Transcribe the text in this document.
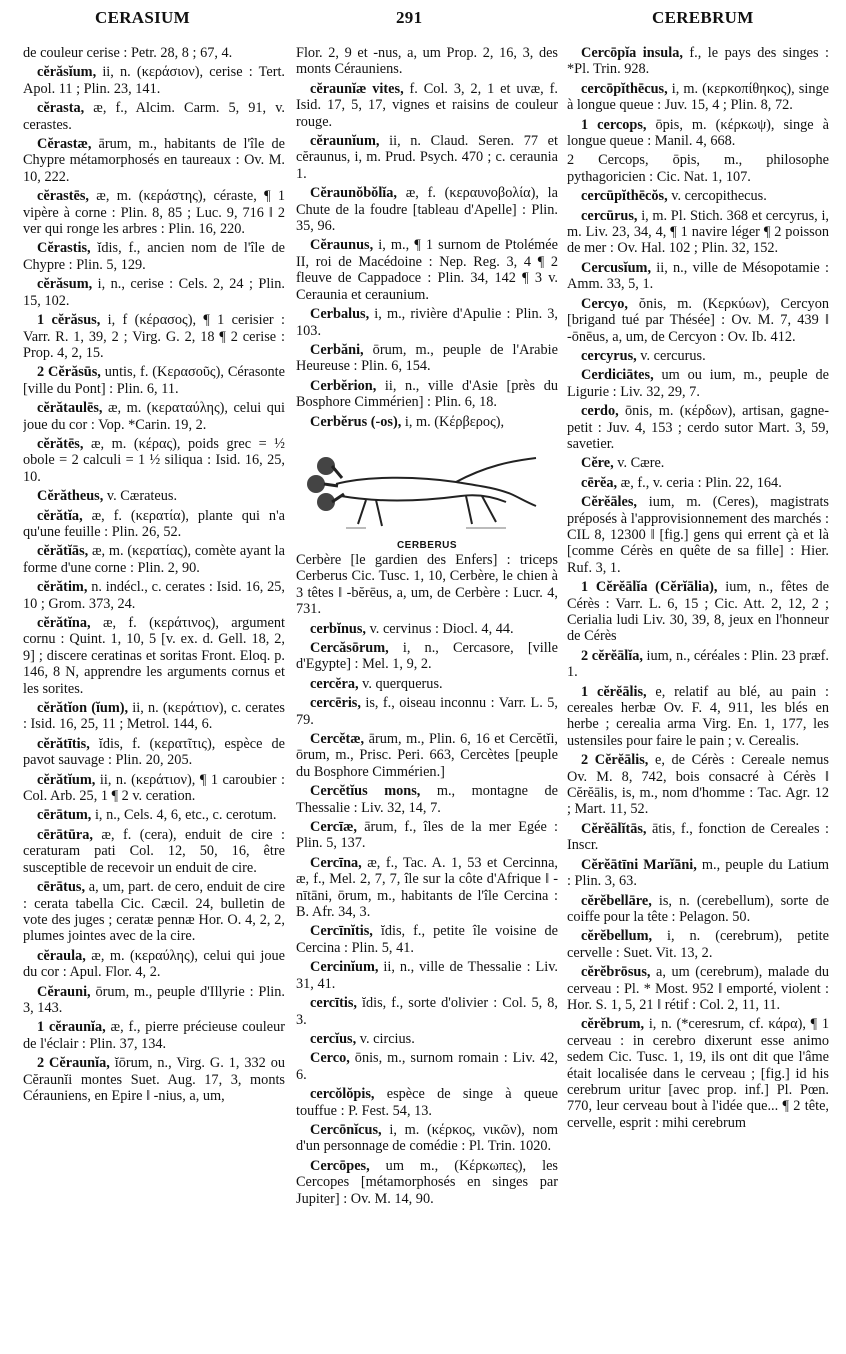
CERASIUM	291	CEREBRUM

de couleur cerise : Petr. 28, 8 ; 67, 4.

cĕrăsĭum, ii, n. (κεράσιον), cerise : Tert. Apol. 11 ; Plin. 23, 141.

cĕrasta, æ, f., Alcim. Carm. 5, 91, v. cerastes.

Cĕrastæ, ārum, m., habitants de l'île de Chypre métamorphosés en taureaux : Ov. M. 10, 222.

cĕrastēs, æ, m. (κεράστης), céraste, ¶ 1 vipère à corne : Plin. 8, 85 ; Luc. 9, 716 ‖ 2 ver qui ronge les arbres : Plin. 16, 220.

Cĕrastis, ĭdis, f., ancien nom de l'île de Chypre : Plin. 5, 129.

cĕrăsum, i, n., cerise : Cels. 2, 24 ; Plin. 15, 102.

1 cĕrăsus, i, f (κέρασος), ¶ 1 cerisier : Varr. R. 1, 39, 2 ; Virg. G. 2, 18 ¶ 2 cerise : Prop. 4, 2, 15.

2 Cĕrăsūs, untis, f. (Κερασοῦς), Cérasonte [ville du Pont] : Plin. 6, 11.

cĕrătaulēs, æ, m. (κεραταύλης), celui qui joue du cor : Vop. *Carin. 19, 2.

cĕrătēs, æ, m. (κέρας), poids grec = ½ obole = 2 calculi = 1 ½ siliqua : Isid. 16, 25, 10.

Cĕrătheus, v. Cærateus.

cĕrătĭa, æ, f. (κερατία), plante qui n'a qu'une feuille : Plin. 26, 52.

cĕrătĭās, æ, m. (κερατίας), comète ayant la forme d'une corne : Plin. 2, 90.

cĕrătim, n. indécl., c. cerates : Isid. 16, 25, 10 ; Grom. 373, 24.

cĕrătĭna, æ, f. (κεράτινος), argument cornu : Quint. 1, 10, 5 [v. ex. d. Gell. 18, 2, 9] ; discere ceratinas et soritas Front. Eloq. p. 146, 8 N, apprendre les arguments cornus et les sorites.

cĕrătĭon (ĭum), ii, n. (κεράτιον), c. cerates : Isid. 16, 25, 11 ; Metrol. 144, 6.

cĕrătītis, ĭdis, f. (κερατῖτις), espèce de pavot sauvage : Plin. 20, 205.

cĕrătĭum, ii, n. (κεράτιον), ¶ 1 caroubier : Col. Arb. 25, 1 ¶ 2 v. ceration.

cērātum, i, n., Cels. 4, 6, etc., c. cerotum.

cērātūra, æ, f. (cera), enduit de cire : ceraturam pati Col. 12, 50, 16, être susceptible de recevoir un enduit de cire.

cērātus, a, um, part. de cero, enduit de cire : cerata tabella Cic. Cæcil. 24, bulletin de vote des juges ; ceratæ pennæ Hor. O. 4, 2, 2, plumes jointes avec de la cire.

cĕraula, æ, m. (κεραύλης), celui qui joue du cor : Apul. Flor. 4, 2.

Cĕrauni, ōrum, m., peuple d'Illyrie : Plin. 3, 143.

1 cĕraunĭa, æ, f., pierre précieuse couleur de l'éclair : Plin. 37, 134.

2 Cĕraunĭa, ĭōrum, n., Virg. G. 1, 332 ou Cĕraunĭi montes Suet. Aug. 17, 3, monts Cérauniens, en Epire ‖ -nius, a, um,

Flor. 2, 9 et -nus, a, um Prop. 2, 16, 3, des monts Cérauniens.

cĕraunĭæ vites, f. Col. 3, 2, 1 et uvæ, f. Isid. 17, 5, 17, vignes et raisins de couleur rouge.

cĕraunĭum, ii, n. Claud. Seren. 77 et cĕraunus, i, m. Prud. Psych. 470 ; c. ceraunia 1.

Cĕraunŏbŏlĭa, æ, f. (κεραυνοβολία), la Chute de la foudre [tableau d'Apelle] : Plin. 35, 96.

Cĕraunus, i, m., ¶ 1 surnom de Ptolémée II, roi de Macédoine : Nep. Reg. 3, 4 ¶ 2 fleuve de Cappadoce : Plin. 34, 142 ¶ 3 v. Ceraunia et ceraunium.

Cerbalus, i, m., rivière d'Apulie : Plin. 3, 103.

Cerbăni, ōrum, m., peuple de l'Arabie Heureuse : Plin. 6, 154.

Cerbĕrion, ii, n., ville d'Asie [près du Bosphore Cimmérien] : Plin. 6, 18.

Cerbĕrus (-os), i, m. (Κέρβερος),

CERBERUS

Cerbère [le gardien des Enfers] : triceps Cerberus Cic. Tusc. 1, 10, Cerbère, le chien à 3 têtes ‖ -bĕrēus, a, um, de Cerbère : Lucr. 4, 731.

cerbĭnus, v. cervinus : Diocl. 4, 44.

Cercăsōrum, i, n., Cercasore, [ville d'Egypte] : Mel. 1, 9, 2.

cercĕra, v. querquerus.

cercēris, is, f., oiseau inconnu : Varr. L. 5, 79.

Cercĕtæ, ārum, m., Plin. 6, 16 et Cercĕtĭi, ōrum, m., Prisc. Peri. 663, Cercètes [peuple du Bosphore Cimmérien.]

Cercĕtĭus mons, m., montagne de Thessalie : Liv. 32, 14, 7.

Cercīæ, ārum, f., îles de la mer Egée : Plin. 5, 137.

Cercīna, æ, f., Tac. A. 1, 53 et Cercinna, æ, f., Mel. 2, 7, 7, île sur la côte d'Afrique ‖ -nītāni, ōrum, m., habitants de l'île Cercina : B. Afr. 34, 3.

Cercīnĭtis, ĭdis, f., petite île voisine de Cercina : Plin. 5, 41.

Cercinĭum, ii, n., ville de Thessalie : Liv. 31, 41.

cercītis, ĭdis, f., sorte d'olivier : Col. 5, 8, 3.

cercĭus, v. circius.

Cerco, ōnis, m., surnom romain : Liv. 42, 6.

cercŏlŏpis, espèce de singe à queue touffue : P. Fest. 54, 13.

Cercōnĭcus, i, m. (κέρκος, νικῶν), nom d'un personnage de comédie : Pl. Trin. 1020.

Cercōpes, um m., (Κέρκωπες), les Cercopes [métamorphosés en singes par Jupiter] : Ov. M. 14, 90.

Cercōpĭa insula, f., le pays des singes : *Pl. Trin. 928.

cercōpĭthēcus, i, m. (κερκοπίθηκος), singe à longue queue : Juv. 15, 4 ; Plin. 8, 72.

1 cercops, ōpis, m. (κέρκωψ), singe à longue queue : Manil. 4, 668.

2 Cercops, ōpis, m., philosophe pythagoricien : Cic. Nat. 1, 107.

cercūpĭthēcŏs, v. cercopithecus.

cercūrus, i, m. Pl. Stich. 368 et cercyrus, i, m. Liv. 23, 34, 4, ¶ 1 navire léger ¶ 2 poisson de mer : Ov. Hal. 102 ; Plin. 32, 152.

Cercusĭum, ii, n., ville de Mésopotamie : Amm. 33, 5, 1.

Cercyo, ŏnis, m. (Κερκύων), Cercyon [brigand tué par Thésée] : Ov. M. 7, 439 ‖ -ōnēus, a, um, de Cercyon : Ov. Ib. 412.

cercyrus, v. cercurus.

Cerdiciātes, um ou ium, m., peuple de Ligurie : Liv. 32, 29, 7.

cerdo, ōnis, m. (κέρδων), artisan, gagne-petit : Juv. 4, 153 ; cerdo sutor Mart. 3, 59, savetier.

Cĕre, v. Cære.

cērĕa, æ, f., v. ceria : Plin. 22, 164.

Cĕrĕāles, ium, m. (Ceres), magistrats préposés à l'approvisionnement des marchés : CIL 8, 12300 ‖ [fig.] gens qui errent çà et là [comme Cérès en quête de sa fille] : Hier. Ruf. 3, 1.

1 Cĕrĕālĭa (Cĕrĭālia), ium, n., fêtes de Cérès : Varr. L. 6, 15 ; Cic. Att. 2, 12, 2 ; Cerialia ludi Liv. 30, 39, 8, jeux en l'honneur de Cérès

2 cĕrĕālĭa, ium, n., céréales : Plin. 23 præf. 1.

1 cĕrĕālis, e, relatif au blé, au pain : cereales herbæ Ov. F. 4, 911, les blés en herbe ; cerealia arma Virg. En. 1, 177, les ustensiles pour faire le pain ; v. Cerealis.

2 Cĕrĕālis, e, de Cérès : Cereale nemus Ov. M. 8, 742, bois consacré à Cérès ‖ Cĕrĕālis, is, m., nom d'homme : Tac. Agr. 12 ; Mart. 11, 52.

Cĕrĕālĭtās, ātis, f., fonction de Cereales : Inscr.

Cĕrĕātīni Marĭāni, m., peuple du Latium : Plin. 3, 63.

cĕrĕbellāre, is, n. (cerebellum), sorte de coiffe pour la tête : Pelagon. 50.

cĕrĕbellum, i, n. (cerebrum), petite cervelle : Suet. Vit. 13, 2.

cĕrĕbrōsus, a, um (cerebrum), malade du cerveau : Pl. * Most. 952 ‖ emporté, violent : Hor. S. 1, 5, 21 ‖ rétif : Col. 2, 11, 11.

cĕrĕbrum, i, n. (*ceresrum, cf. κάρα), ¶ 1 cerveau : in cerebro dixerunt esse animo sedem Cic. Tusc. 1, 19, ils ont dit que l'âme était localisée dans le cerveau ; [fig.] id his cerebrum uritur [avec prop. inf.] Pl. Pœn. 770, leur cerveau bout à l'idée que... ¶ 2 tête, cervelle, esprit : mihi cerebrum
